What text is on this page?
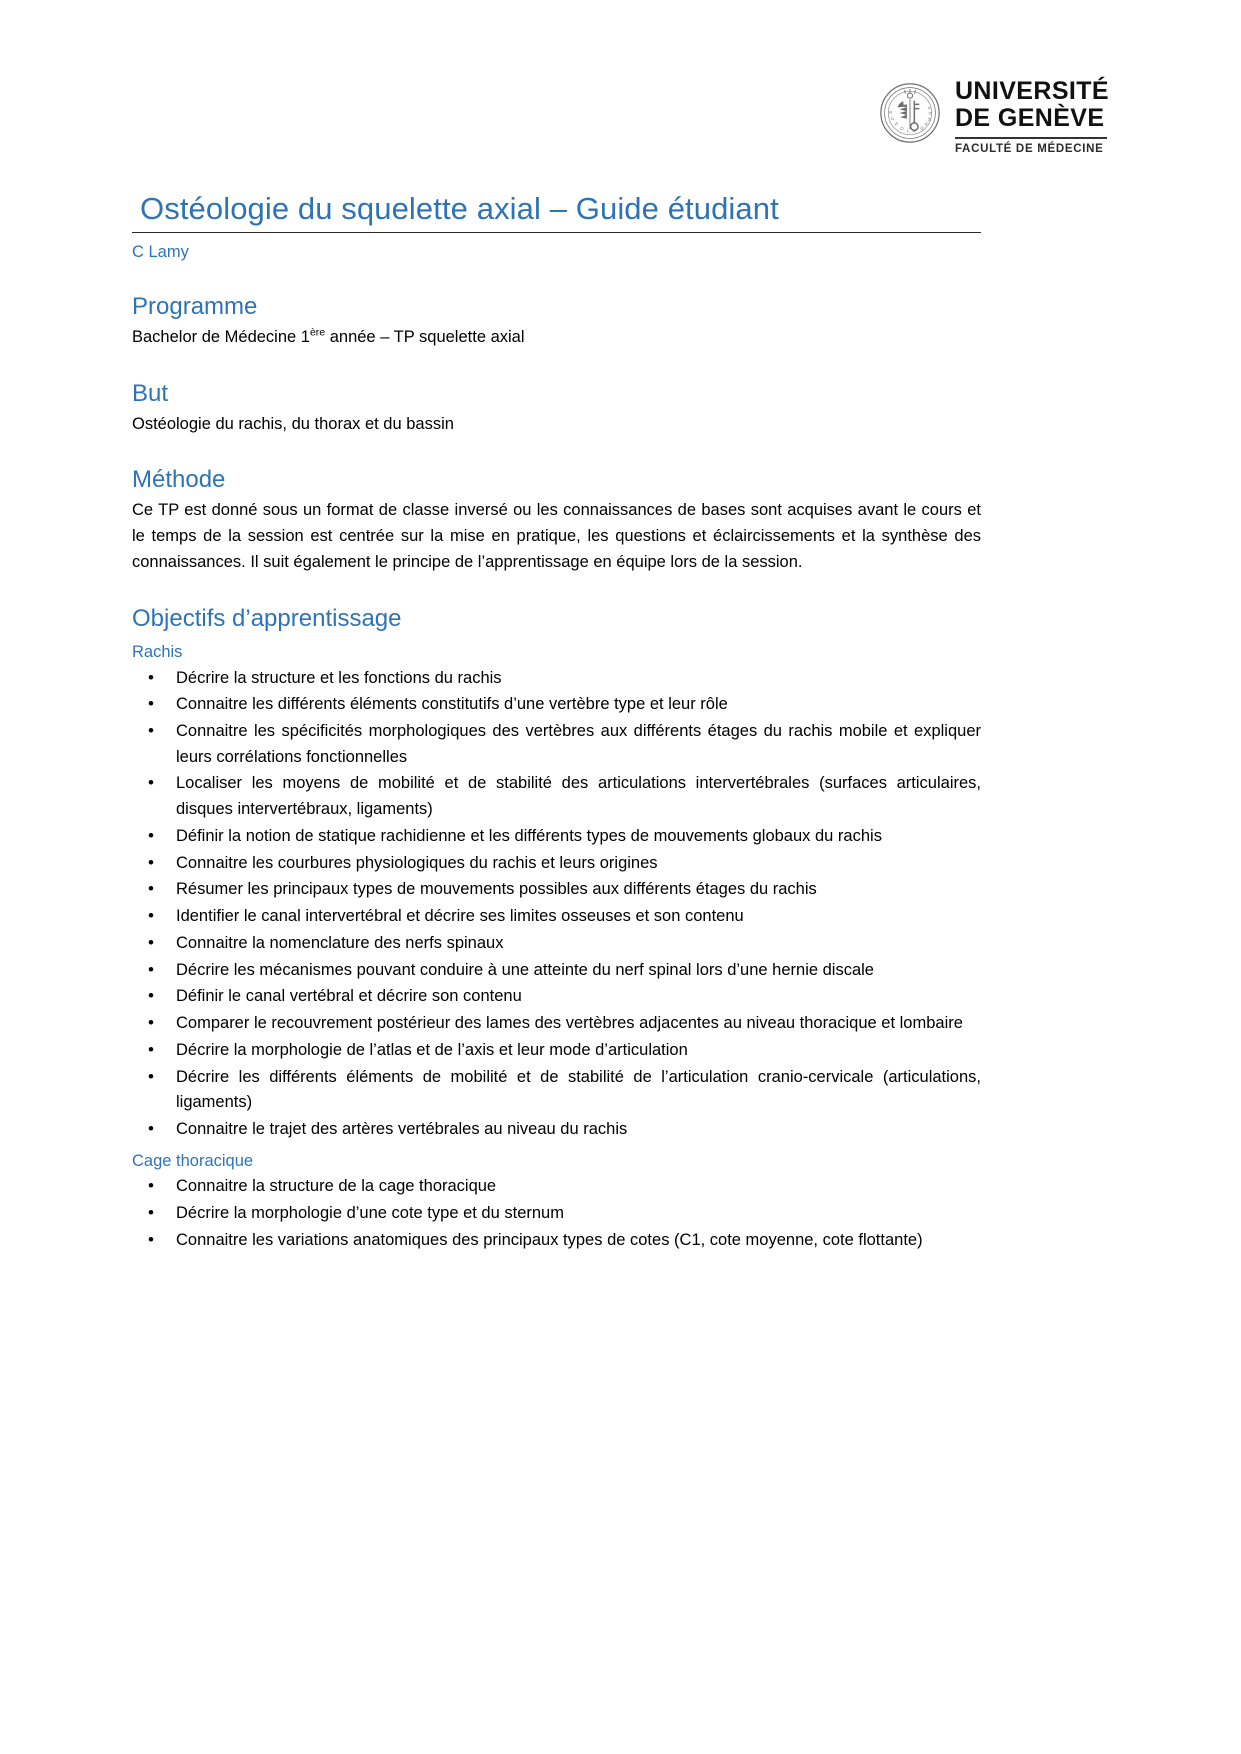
S
C
H
O L A G
E
N
E
V
UNIVERSITÉ
DE GENÈVE
FACULTÉ DE MÉDECINE
Ostéologie du squelette axial – Guide étudiant
C Lamy
Programme

Bachelor de Médecine 1ère année – TP squelette axial

But

Ostéologie du rachis, du thorax et du bassin

Méthode

Ce TP est donné sous un format de classe inversé ou les connaissances de bases sont acquises avant le cours et le temps de la session est centrée sur la mise en pratique, les questions et éclaircissements et la synthèse des connaissances. Il suit également le principe de l’apprentissage en équipe lors de la session.

Objectifs d’apprentissage
Rachis
• Décrire la structure et les fonctions du rachis
• Connaitre les différents éléments constitutifs d’une vertèbre type et leur rôle
• Connaitre les spécificités morphologiques des vertèbres aux différents étages du rachis mobile et expliquer leurs corrélations fonctionnelles
• Localiser les moyens de mobilité et de stabilité des articulations intervertébrales (surfaces articulaires, disques intervertébraux, ligaments)
• Définir la notion de statique rachidienne et les différents types de mouvements globaux du rachis
• Connaitre les courbures physiologiques du rachis et leurs origines
• Résumer les principaux types de mouvements possibles aux différents étages du rachis
• Identifier le canal intervertébral et décrire ses limites osseuses et son contenu
• Connaitre la nomenclature des nerfs spinaux
• Décrire les mécanismes pouvant conduire à une atteinte du nerf spinal lors d’une hernie discale
• Définir le canal vertébral et décrire son contenu
• Comparer le recouvrement postérieur des lames des vertèbres adjacentes au niveau thoracique et lombaire
• Décrire la morphologie de l’atlas et de l’axis et leur mode d’articulation
• Décrire les différents éléments de mobilité et de stabilité de l’articulation cranio-cervicale (articulations, ligaments)
• Connaitre le trajet des artères vertébrales au niveau du rachis
Cage thoracique
• Connaitre la structure de la cage thoracique
• Décrire la morphologie d’une cote type et du sternum
• Connaitre les variations anatomiques des principaux types de cotes (C1, cote moyenne, cote flottante)
